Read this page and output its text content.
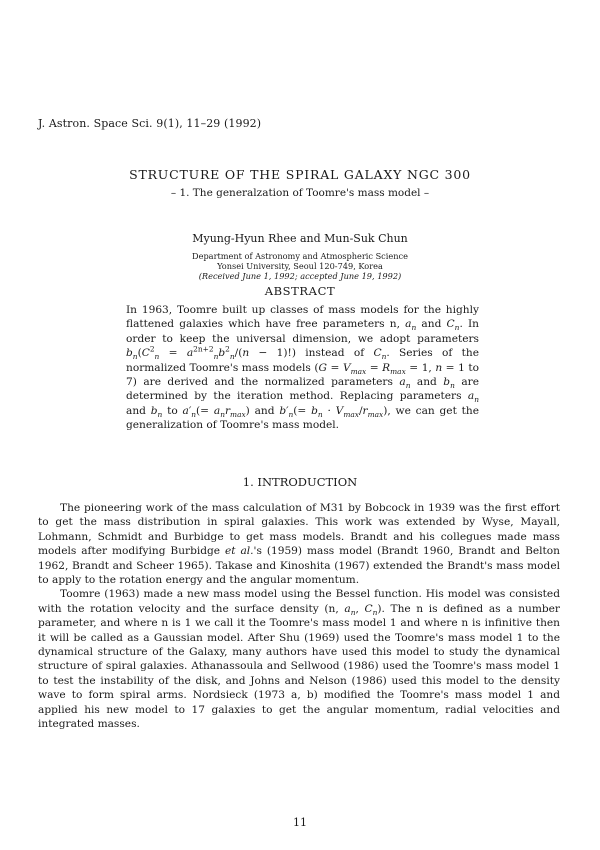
J. Astron. Space Sci. 9(1), 11–29 (1992)
STRUCTURE OF THE SPIRAL GALAXY NGC 300
– 1. The generalzation of Toomre's mass model –
Myung-Hyun Rhee and Mun-Suk Chun
Department of Astronomy and Atmospheric Science
Yonsei University, Seoul 120-749, Korea
(Received June 1, 1992; accepted June 19, 1992)
ABSTRACT
In 1963, Toomre built up classes of mass models for the highly flattened galaxies which have free parameters n, $a_n$ and $C_n$. In order to keep the universal dimension, we adopt parameters $b_n(C^2_n = a^{2n+2}_nb^2_n/(n - 1)!)$ instead of $C_n$. Series of the normalized Toomre's mass models ($G = V_{max} = R_{max} = 1$, n = 1 to 7) are derived and the normalized parameters $a_n$ and $b_n$ are determined by the iteration method. Replacing parameters $a_n$ and $b_n$ to $a'_n(= a_nr_{max})$ and $b'_n(= b_n \cdot V_{max}/r_{max})$, we can get the generalization of Toomre's mass model.
1. INTRODUCTION

The pioneering work of the mass calculation of M31 by Bobcock in 1939 was the first effort to get the mass distribution in spiral galaxies. This work was extended by Wyse, Mayall, Lohmann, Schmidt and Burbidge to get mass models. Brandt and his collegues made mass models after modifying Burbidge et al.'s (1959) mass model (Brandt 1960, Brandt and Belton 1962, Brandt and Scheer 1965). Takase and Kinoshita (1967) extended the Brandt's mass model to apply to the rotation energy and the angular momentum.

Toomre (1963) made a new mass model using the Bessel function. His model was consisted with the rotation velocity and the surface density (n, $a_n$, $C_n$). The n is defined as a number parameter, and where n is 1 we call it the Toomre's mass model 1 and where n is infinitive then it will be called as a Gaussian model. After Shu (1969) used the Toomre's mass model 1 to the dynamical structure of the Galaxy, many authors have used this model to study the dynamical structure of spiral galaxies. Athanassoula and Sellwood (1986) used the Toomre's mass model 1 to test the instability of the disk, and Johns and Nelson (1986) used this model to the density wave to form spiral arms. Nordsieck (1973 a, b) modified the Toomre's mass model 1 and applied his new model to 17 galaxies to get the angular momentum, radial velocities and integrated masses.

11
